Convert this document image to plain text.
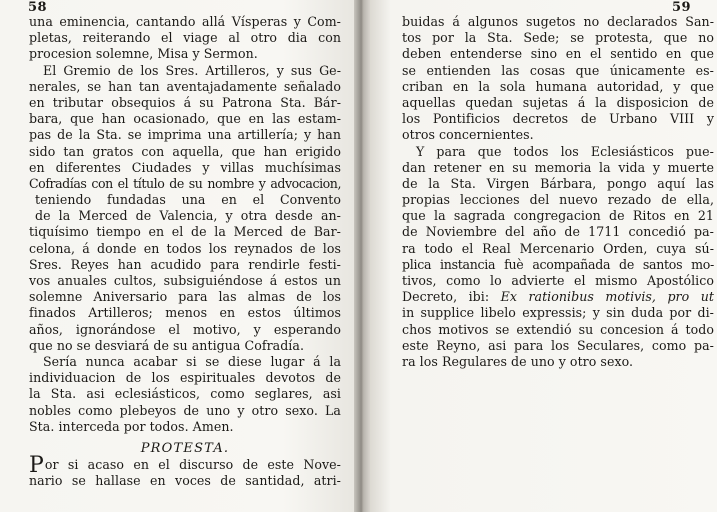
58
una eminencia, cantando allá Vísperas y Com-
pletas, reiterando el viage al otro dia con
procesion solemne, Misa y Sermon.
El Gremio de los Sres. Artilleros, y sus Ge-
nerales, se han tan aventajadamente señalado
en tributar obsequios á su Patrona Sta. Bár-
bara, que han ocasionado, que en las estam-
pas de la Sta. se imprima una artillería; y han
sido tan gratos con aquella, que han erigido
en diferentes Ciudades y villas muchísimas
Cofradías con el título de su nombre y advocacion,
teniendo fundadas una en el Convento
de la Merced de Valencia, y otra desde an-
tiquísimo tiempo en el de la Merced de Bar-
celona, á donde en todos los reynados de los
Sres. Reyes han acudido para rendirle festi-
vos anuales cultos, subsiguiéndose á estos un
solemne Aniversario para las almas de los
finados Artilleros; menos en estos últimos
años, ignorándose el motivo, y esperando
que no se desviará de su antigua Cofradía.
Sería nunca acabar si se diese lugar á la
individuacion de los espirituales devotos de
la Sta. asi eclesiásticos, como seglares, asi
nobles como plebeyos de uno y otro sexo. La
Sta. interceda por todos. Amen.
PROTESTA.
Por si acaso en el discurso de este Nove-
nario se hallase en voces de santidad, atri-
59
buidas á algunos sugetos no declarados San-
tos por la Sta. Sede; se protesta, que no
deben entenderse sino en el sentido en que
se entienden las cosas que únicamente es-
criban en la sola humana autoridad, y que
aquellas quedan sujetas á la disposicion de
los Pontificios decretos de Urbano VIII y
otros concernientes.
Y para que todos los Eclesiásticos pue-
dan retener en su memoria la vida y muerte
de la Sta. Virgen Bárbara, pongo aquí las
propias lecciones del nuevo rezado de ella,
que la sagrada congregacion de Ritos en 21
de Noviembre del año de 1711 concedió pa-
ra todo el Real Mercenario Orden, cuya sú-
plica instancia fuè acompañada de santos mo-
tivos, como lo advierte el mismo Apostólico
Decreto, ibi: Ex rationibus motivis, pro ut
in supplice libelo expressis; y sin duda por di-
chos motivos se extendió su concesion á todo
este Reyno, asi para los Seculares, como pa-
ra los Regulares de uno y otro sexo.
